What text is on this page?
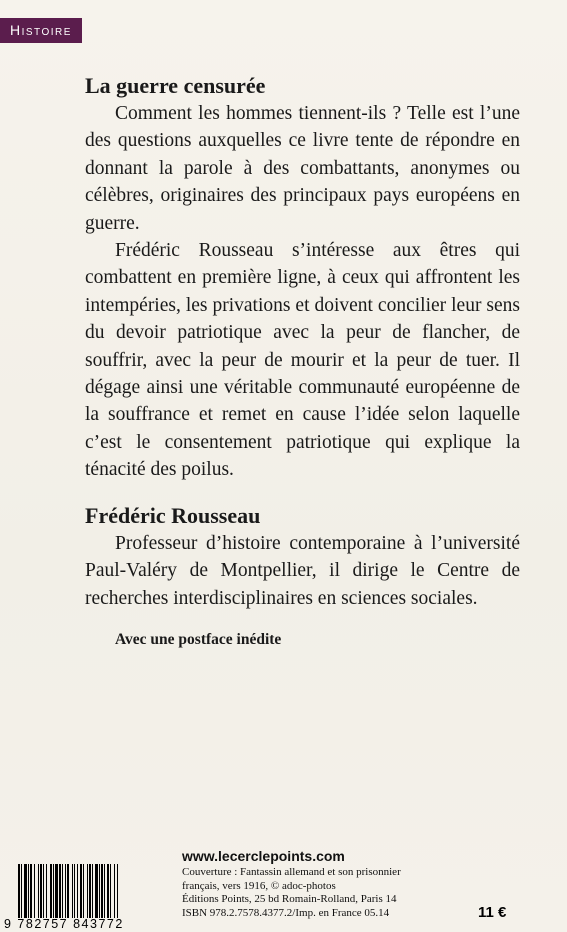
Histoire
La guerre censurée

Comment les hommes tiennent-ils ? Telle est l’une des questions auxquelles ce livre tente de répondre en donnant la parole à des combattants, anonymes ou célèbres, originaires des principaux pays européens en guerre.

Frédéric Rousseau s’intéresse aux êtres qui combattent en première ligne, à ceux qui affrontent les intempéries, les privations et doivent concilier leur sens du devoir patriotique avec la peur de flancher, de souffrir, avec la peur de mourir et la peur de tuer. Il dégage ainsi une véritable communauté européenne de la souffrance et remet en cause l’idée selon laquelle c’est le consentement patriotique qui explique la ténacité des poilus.

Frédéric Rousseau

Professeur d’histoire contemporaine à l’université Paul-Valéry de Montpellier, il dirige le Centre de recherches interdisciplinaires en sciences sociales.

Avec une postface inédite

www.lecerclepoints.com
9 782757 843772
Couverture : Fantassin allemand et son prisonnier
français, vers 1916, © adoc-photos
Éditions Points, 25 bd Romain-Rolland, Paris 14
ISBN 978.2.7578.4377.2/Imp. en France 05.14	11 €
